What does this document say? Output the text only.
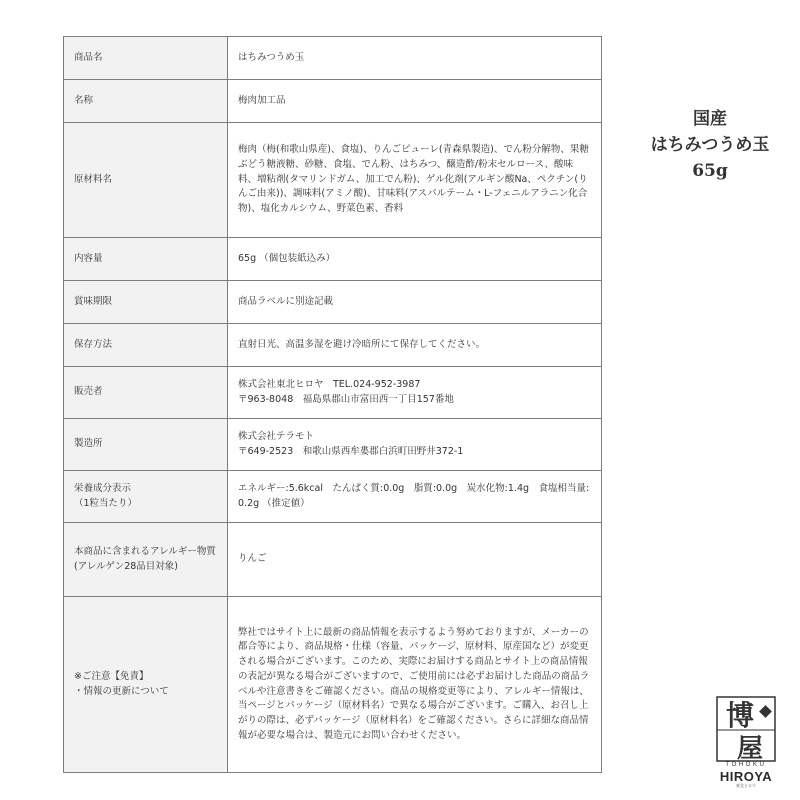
商品名	はちみつうめ玉

名称	梅肉加工品

原材料名	梅肉（梅(和歌山県産)、食塩)、りんごピューレ(青森県製造)、でん粉分解物、果糖ぶどう糖液糖、砂糖、食塩、でん粉、はちみつ、醸造酢/粉末セルロース、酸味料、増粘剤(タマリンドガム、加工でん粉)、ゲル化剤(アルギン酸Na、ペクチン(りんご由来))、調味料(アミノ酸)、甘味料(アスパルテーム・L-フェニルアラニン化合物)、塩化カルシウム、野菜色素、香料

内容量	65g （個包装紙込み）

賞味期限	商品ラベルに別途記載

保存方法	直射日光、高温多湿を避け冷暗所にて保存してください。

販売者	株式会社東北ヒロヤ　TEL.024-952-3987
〒963-8048　福島県郡山市富田西一丁目157番地

製造所	株式会社テラモト
〒649-2523　和歌山県西牟婁郡白浜町田野井372-1

栄養成分表示
（1粒当たり）	エネルギー:5.6kcal　たんぱく質:0.0g　脂質:0.0g　炭水化物:1.4g　食塩相当量:0.2g （推定値）

本商品に含まれるアレルギー物質
(アレルゲン28品目対象)	りんご

※ご注意【免責】
・情報の更新について	弊社ではサイト上に最新の商品情報を表示するよう努めておりますが、メーカーの都合等により、商品規格・仕様（容量、パッケージ、原材料、原産国など）が変更される場合がございます。このため、実際にお届けする商品とサイト上の商品情報の表記が異なる場合がございますので、ご使用前には必ずお届けした商品の商品ラベルや注意書きをご確認ください。商品の規格変更等により、アレルギー情報は、当ページとパッケージ（原材料名）で異なる場合がございます。ご購入、お召し上がりの際は、必ずパッケージ（原材料名）をご確認ください。さらに詳細な商品情報が必要な場合は、製造元にお問い合わせください。
国産
はちみつうめ玉
65g
博
屋
TOHOKU
HIROYA
東北ヒロヤ
